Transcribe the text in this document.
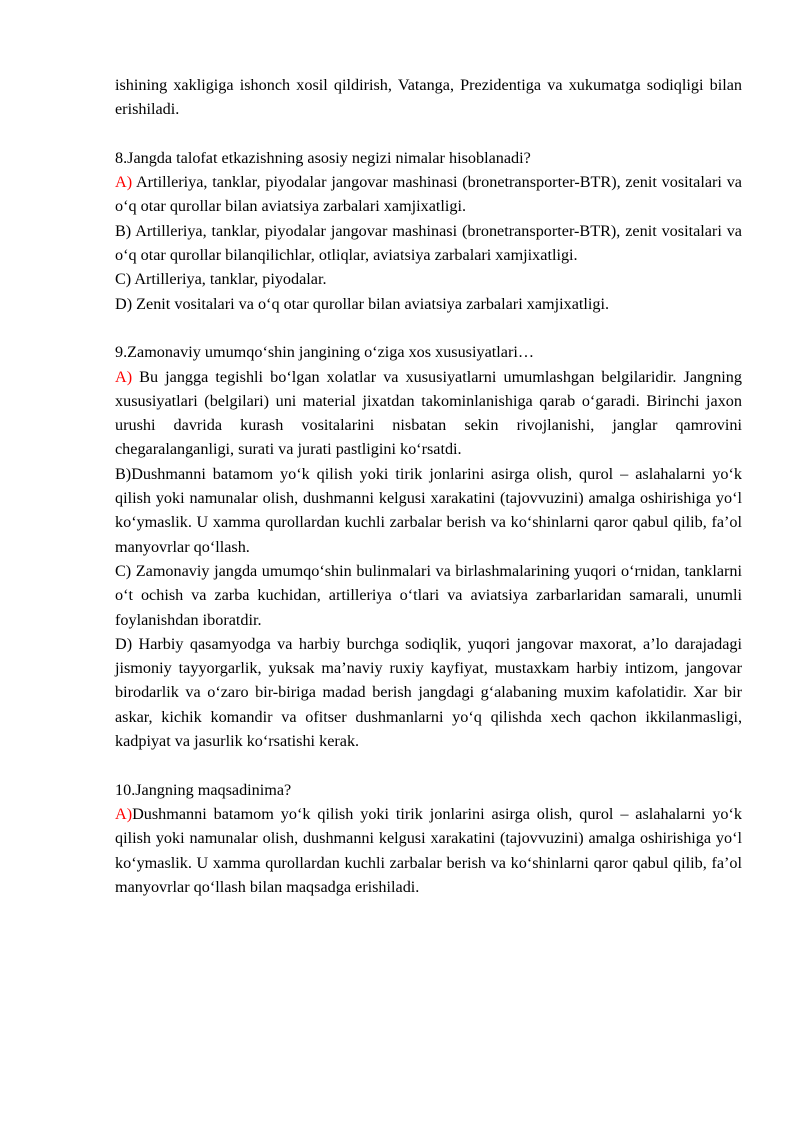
ishining xakligiga ishonch xosil qildirish, Vatanga, Prezidentiga va xukumatga sodiqligi bilan erishiladi.

8.Jangda talofat etkazishning asosiy negizi nimalar hisoblanadi?

A) Artilleriya, tanklar, piyodalar jangovar mashinasi (bronetransporter-BTR), zenit vositalari va o‘q otar qurollar bilan aviatsiya zarbalari xamjixatligi.

B) Artilleriya, tanklar, piyodalar jangovar mashinasi (bronetransporter-BTR), zenit vositalari va o‘q otar qurollar bilanqilichlar, otliqlar, aviatsiya zarbalari xamjixatligi.

C) Artilleriya, tanklar, piyodalar.

D) Zenit vositalari va o‘q otar qurollar bilan aviatsiya zarbalari xamjixatligi.

9.Zamonaviy umumqo‘shin jangining o‘ziga xos xususiyatlari…

A) Bu jangga tegishli bo‘lgan xolatlar va xususiyatlarni umumlashgan belgilaridir. Jangning xususiyatlari (belgilari) uni material jixatdan takominlanishiga qarab o‘garadi. Birinchi jaxon urushi davrida kurash vositalarini nisbatan sekin rivojlanishi, janglar qamrovini chegaralanganligi, surati va jurati pastligini ko‘rsatdi.

B)Dushmanni batamom yo‘k qilish yoki tirik jonlarini asirga olish, qurol – aslahalarni yo‘k qilish yoki namunalar olish, dushmanni kelgusi xarakatini (tajovvuzini) amalga oshirishiga yo‘l ko‘ymaslik. U xamma qurollardan kuchli zarbalar berish va ko‘shinlarni qaror qabul qilib, fa’ol manyovrlar qo‘llash.

C) Zamonaviy jangda umumqo‘shin bulinmalari va birlashmalarining yuqori o‘rnidan, tanklarni o‘t ochish va zarba kuchidan, artilleriya o‘tlari va aviatsiya zarbarlaridan samarali, unumli foylanishdan iboratdir.

D) Harbiy qasamyodga va harbiy burchga sodiqlik, yuqori jangovar maxorat, a’lo darajadagi jismoniy tayyorgarlik, yuksak ma’naviy ruxiy kayfiyat, mustaxkam harbiy intizom, jangovar birodarlik va o‘zaro bir-biriga madad berish jangdagi g‘alabaning muxim kafolatidir. Xar bir askar, kichik komandir va ofitser dushmanlarni yo‘q qilishda xech qachon ikkilanmasligi, kadpiyat va jasurlik ko‘rsatishi kerak.

10.Jangning maqsadinima?

A)Dushmanni batamom yo‘k qilish yoki tirik jonlarini asirga olish, qurol – aslahalarni yo‘k qilish yoki namunalar olish, dushmanni kelgusi xarakatini (tajovvuzini) amalga oshirishiga yo‘l ko‘ymaslik. U xamma qurollardan kuchli zarbalar berish va ko‘shinlarni qaror qabul qilib, fa’ol manyovrlar qo‘llash bilan maqsadga erishiladi.
